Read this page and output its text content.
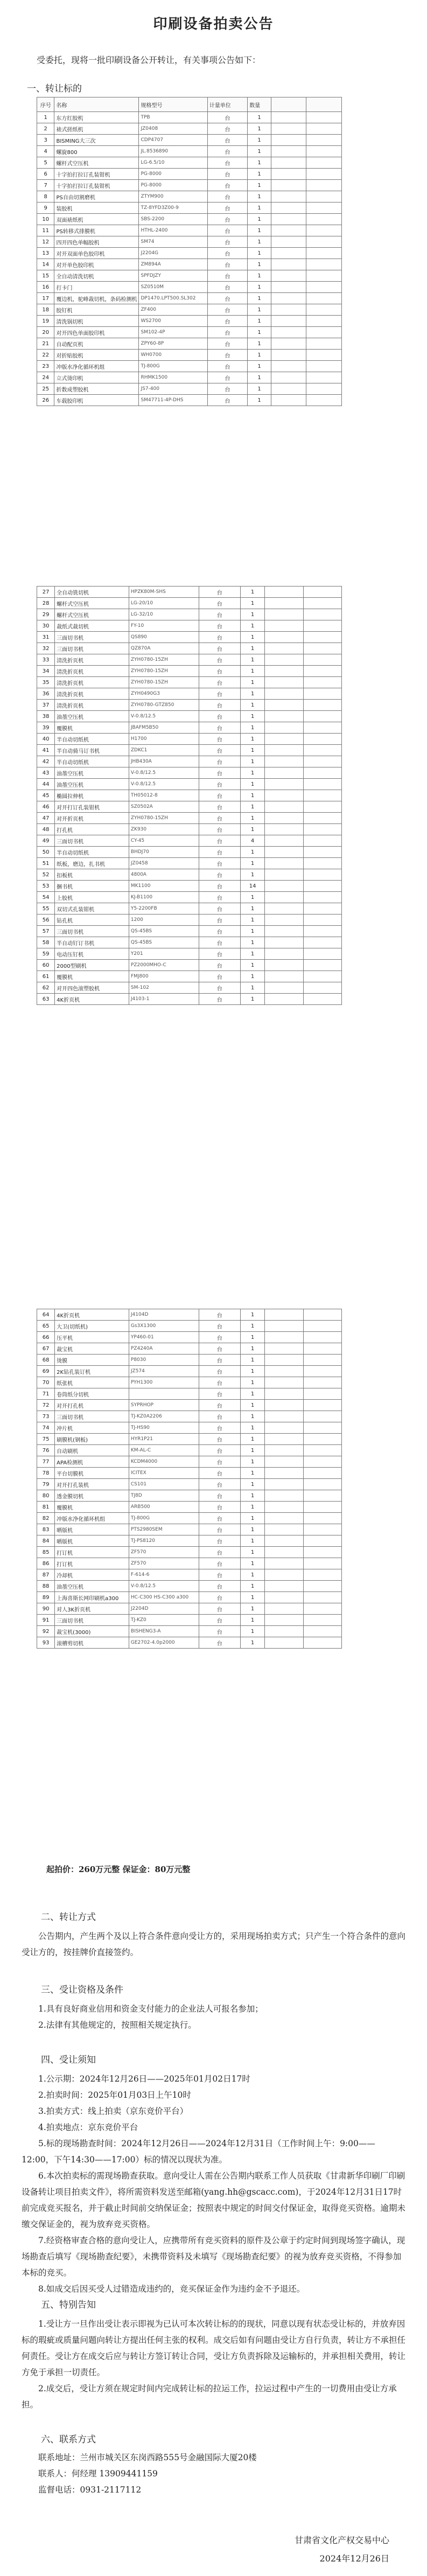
印刷设备拍卖公告

受委托，现将一批印刷设备公开转让，有关事项公告如下：

一、转让标的
序号	名称	规格型号	计量单位	数量		
1	东方红胶机	TPB	台	1		
2	裱式搓纸机	JZ0408	台	1		
3	BISMING大三次	CDP4707	台	1		
4	螺旋800	JL.8536890	台	1		
5	螺杆式空压机	LG-6.5/10	台	1		
6	十字拍打拉订孔装钳机	PG-8000	台	1		
7	十字拍打拉订孔装钳机	PG-8000	台	1		
8	PS自由切割磨机	ZTYM900	台	1		
9	装胶机	TZ-8YFD3Z00-9	台	1		
10	双面裱纸机	SBS-2200	台	1		
11	PS转移式排膜机	HTHL-2400	台	1		
12	四开四色单幅胶机	SM74	台	1		
13	对开双面单色胶印机	J2204G	台	1		
14	对开单色胶印机	ZM894A	台	1		
15	全自动清洗切机	SPFDJZY	台	1		
16	打卡门	SZ0510M	台	1		
17	覆边机，驼峰裁切机，条码检测机	DP1470.LPT500.SL302	台	1		
18	胶钉机	ZF400	台	1		
19	清洗锅切机	WS2700	台	1		
20	对开四色单面胶印机	SM102-4P	台	1		
21	自动配页机	ZPY60-8P	台	1		
22	对折贴胶机	WH0700	台	1		
23	冲版水净化循环机组	TJ-800G	台	1		
24	立式烫印机	RHMK1500	台	1		
25	折数成塑胶机	JS7-400	台	1		
26	车载胶印机	SM47711-4P-DHS	台	1		
27	全自动铣切机	HPZK80M-SHS	台	1		
28	螺杆式空压机	LG-20/10	台	1		
29	螺杆式空压机	LG-32/10	台	1		
30	裁纸式裁切机	FY-10	台	1		
31	三面切书机	QS890	台	1		
32	三面切书机	QZ870A	台	1		
33	清洗折页机	ZYH0780-15ZH	台	1		
34	清洗折页机	ZYH0780-15ZH	台	1		
35	清洗折页机	ZYH0780-15ZH	台	1		
36	清洗折页机	ZYH0490G3	台	1		
37	清洗折页机	ZYH0780-GTZ850	台	1		
38	油墨空压机	V-0.8/12.5	台	1		
39	覆膜机	JBAFM5B50	台	1		
40	半自动切纸机	H1700	台	1		
41	半自动骑马订书机	ZDKC1	台	1		
42	半自动切纸机	JHB430A	台	1		
43	油墨空压机	V-0.8/12.5	台	1		
44	油墨空压机	V-0.8/12.5	台	1		
45	椭圆拉伸机	TH05012-8	台	1		
46	对开打订孔装钳机	SZ0502A	台	1		
47	对开折页机	ZYH0780-15ZH	台	1		
48	打孔机	ZK930	台	1		
49	三面切书机	CY-45	台	4		
50	半自动切纸机	BHDJ70	台	1		
51	纸板，磨边，扎书机	JZ0458	台	1		
52	扣板机	4800A	台	1		
53	捆书机	MK1100	台	14		
54	上胶机	KJ-B1100	台	1		
55	双切式孔装钳机	Y5-2200FB	台	1		
56	钻孔机	1200	台	1		
57	三面切书机	QS-45BS	台	1		
58	半自动钉订书机	QS-45BS	台	1		
59	电动压钉机	Y201	台	1		
60	2000型刷机	PZ2000MHO-C	台	1		
61	覆膜机	FMJ800	台	1		
62	对开四色滚塑胶机	SM-102	台	1		
63	4K折页机	J4103-1	台	1		
64	4K折页机	J4104D	台	1		
65	大卫(切纸机)	Gs3X1300	台	1		
66	压平机	YP460-01	台	1		
67	裁宝机	PZ4240A	台	1		
68	烫膜	P8030	台	1		
69	2K钻孔装订机	JZ574	台	1		
70	纸张机	PYH1300	台	1		
71	卷筒纸分切机		台	1		
72	对开打孔机	SYPRHOP	台	1		
73	三面切书机	TJ-KZ0A2206	台	1		
74	冲片机	TJ-HS90	台	1		
75	刷膜机(钢板)	HYR1P21	台	1		
76	自动刷机	KM-AL-C	台	1		
77	APA检测机	KCDM4000	台	1		
78	平台切膜机	ICITEX	台	1		
79	对开打孔装机	CS101	台	1		
80	透金膜切机	TJ8D	台	1		
81	覆膜机	ARB500	台	1		
82	冲版水净化循环机组	TJ-800G	台	1		
83	晒版机	PTS2980SEM	台	1		
84	晒版机	TJ-PS8120	台	1		
85	打订机	ZF570	台	1		
86	打订机	ZF570	台	1		
87	冷却机	F-614-6	台	1		
88	油墨空压机	V-0.8/12.5	台	1		
89	上海喜斯长网印刷机a300	HC-C300 HS-C300 a300	台	1		
90	对人3K折页机	J2204D	台	1		
91	三面切书机	TJ-KZ0	台	1		
92	裁宝机(3000)	BISHENG3-A	台	1		
93	滚槽剪切机	GE2702-4.0p2000	台	1		

起拍价：260万元整 保证金：80万元整

二、转让方式

公告期内，产生两个及以上符合条件意向受让方的，采用现场拍卖方式；只产生一个符合条件的意向受让方的，按挂牌价直接签约。

三、受让资格及条件

1.具有良好商业信用和资金支付能力的企业法人可报名参加；

2.法律有其他规定的，按照相关规定执行。

四、受让须知

1.公示期：2024年12月26日——2025年01月02日17时

2.拍卖时间：2025年01月03日上午10时

3.拍卖方式：线上拍卖（京东竞价平台）

4.拍卖地点：京东竞价平台

5.标的现场勘查时间：2024年12月26日——2024年12月31日（工作时间上午：9:00——12:00，下午14:30——17:00）标的情况以现状为准。

6.本次拍卖标的需现场勘查获取。意向受让人需在公告期内联系工作人员获取《甘肃新华印刷厂印刷设备转让项目拍卖文件》，将所需资料发送至邮箱(yang.hh@gscacc.com)，于2024年12月31日17时前完成竞买报名，并于截止时间前交纳保证金；按照表中规定的时间交付保证金，取得竞买资格。逾期未缴交保证金的，视为放弃竞买资格。

7.经资格审查合格的意向受让人，应携带所有竞买资料的原件及公章于约定时间到现场签字确认，现场勘查后填写《现场勘查纪要》，未携带资料及未填写《现场勘查纪要》的视为放弃竞买资格，不得参加本标的竞买。

8.如成交后因买受人过错造成违约的，竞买保证金作为违约金不予退还。

五、特别告知

1.受让方一旦作出受让表示即视为已认可本次转让标的的现状，同意以现有状态受让标的，并放弃因标的瑕疵或质量问题向转让方提出任何主张的权利。成交后如有问题由受让方自行负责，转让方不承担任何责任。受让方在成交后应与转让方签订转让合同，受让方负责拆除及运输标的，并承担相关费用，转让方免于承担一切责任。

2.成交后，受让方须在规定时间内完成转让标的拉运工作，拉运过程中产生的一切费用由受让方承担。

六、联系方式

联系地址：兰州市城关区东岗西路555号金融国际大厦20楼

联系人：何经理 13909441159

监督电话：0931-2117112

甘肃省文化产权交易中心
2024年12月26日
